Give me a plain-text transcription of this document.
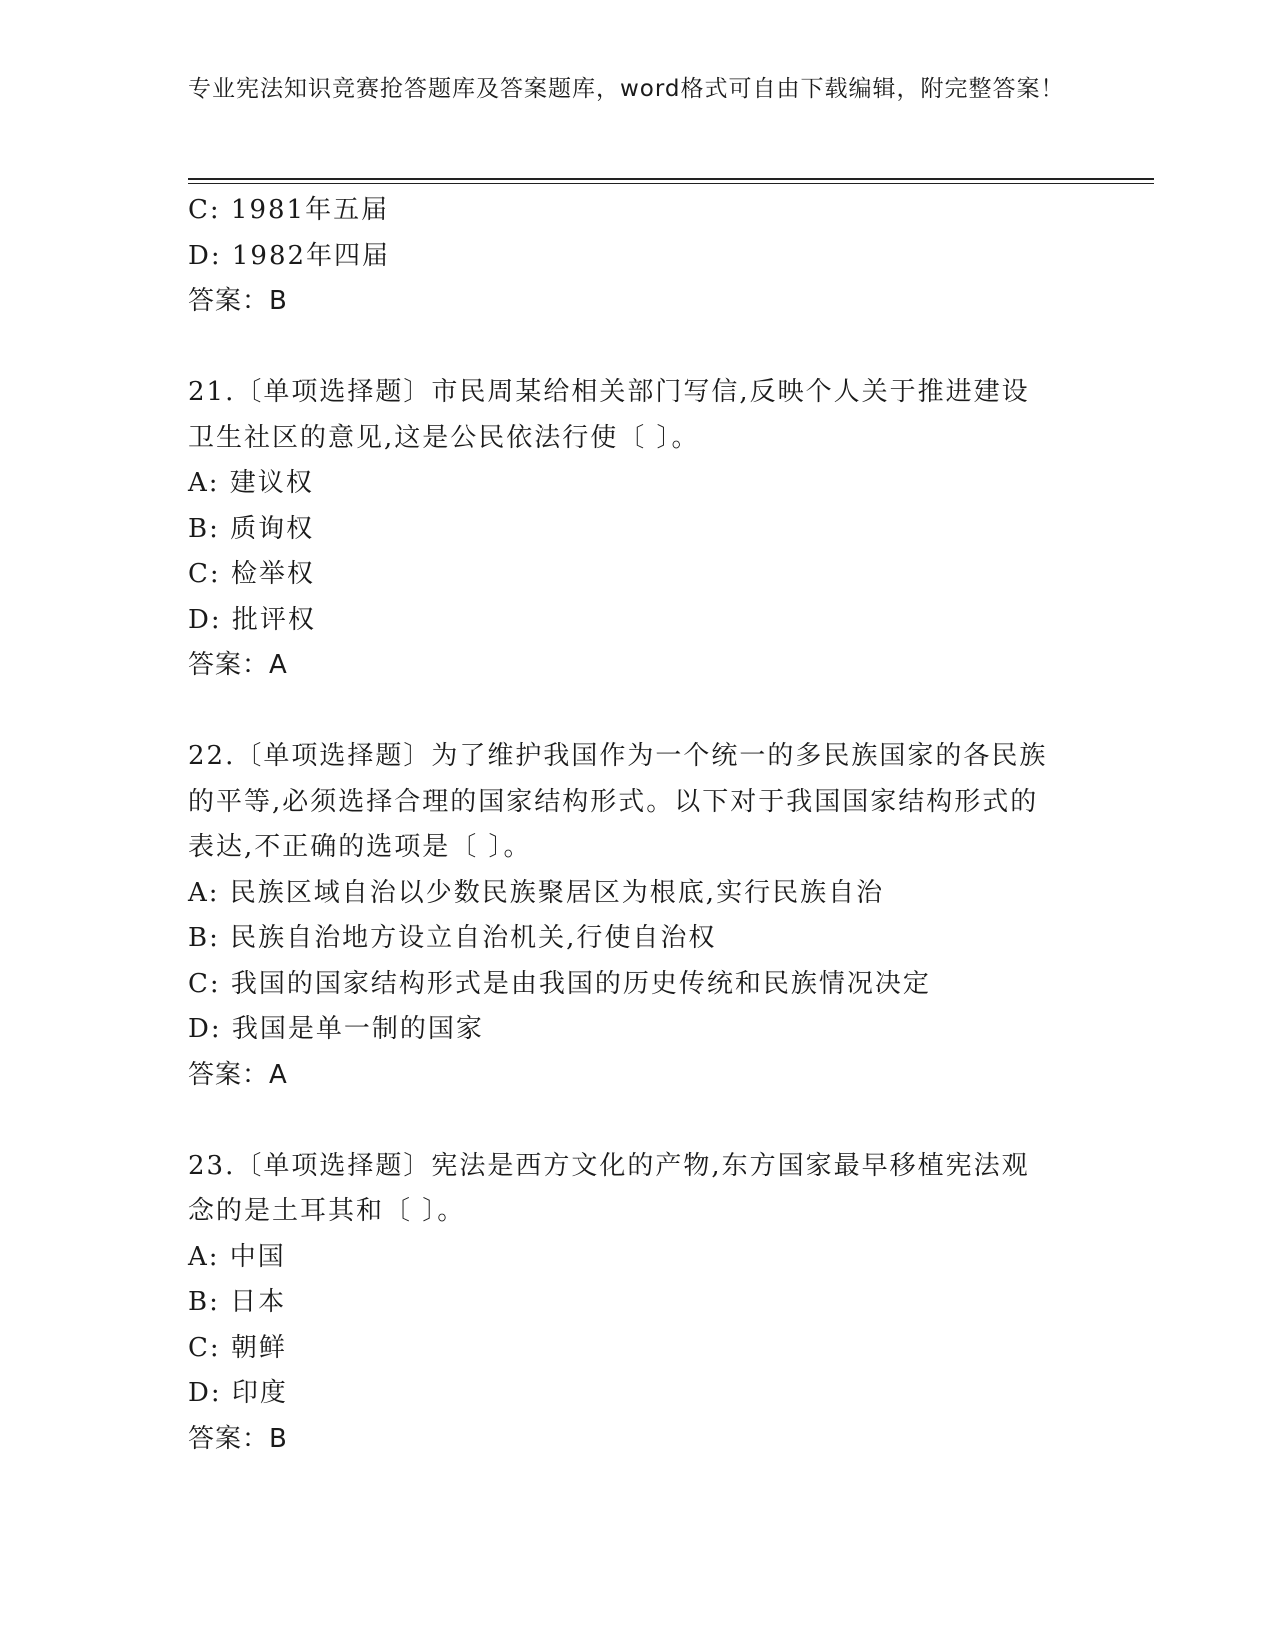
专业宪法知识竞赛抢答题库及答案题库，word格式可自由下载编辑，附完整答案！
C: 1981年五届
D: 1982年四届
答案：B
21.〔单项选择题〕市民周某给相关部门写信,反映个人关于推进建设
卫生社区的意见,这是公民依法行使〔 〕。
A: 建议权
B: 质询权
C: 检举权
D: 批评权
答案：A
22.〔单项选择题〕为了维护我国作为一个统一的多民族国家的各民族
的平等,必须选择合理的国家结构形式。以下对于我国国家结构形式的
表达,不正确的选项是〔 〕。
A: 民族区域自治以少数民族聚居区为根底,实行民族自治
B: 民族自治地方设立自治机关,行使自治权
C: 我国的国家结构形式是由我国的历史传统和民族情况决定
D: 我国是单一制的国家
答案：A
23.〔单项选择题〕宪法是西方文化的产物,东方国家最早移植宪法观
念的是土耳其和〔 〕。
A: 中国
B: 日本
C: 朝鲜
D: 印度
答案：B
